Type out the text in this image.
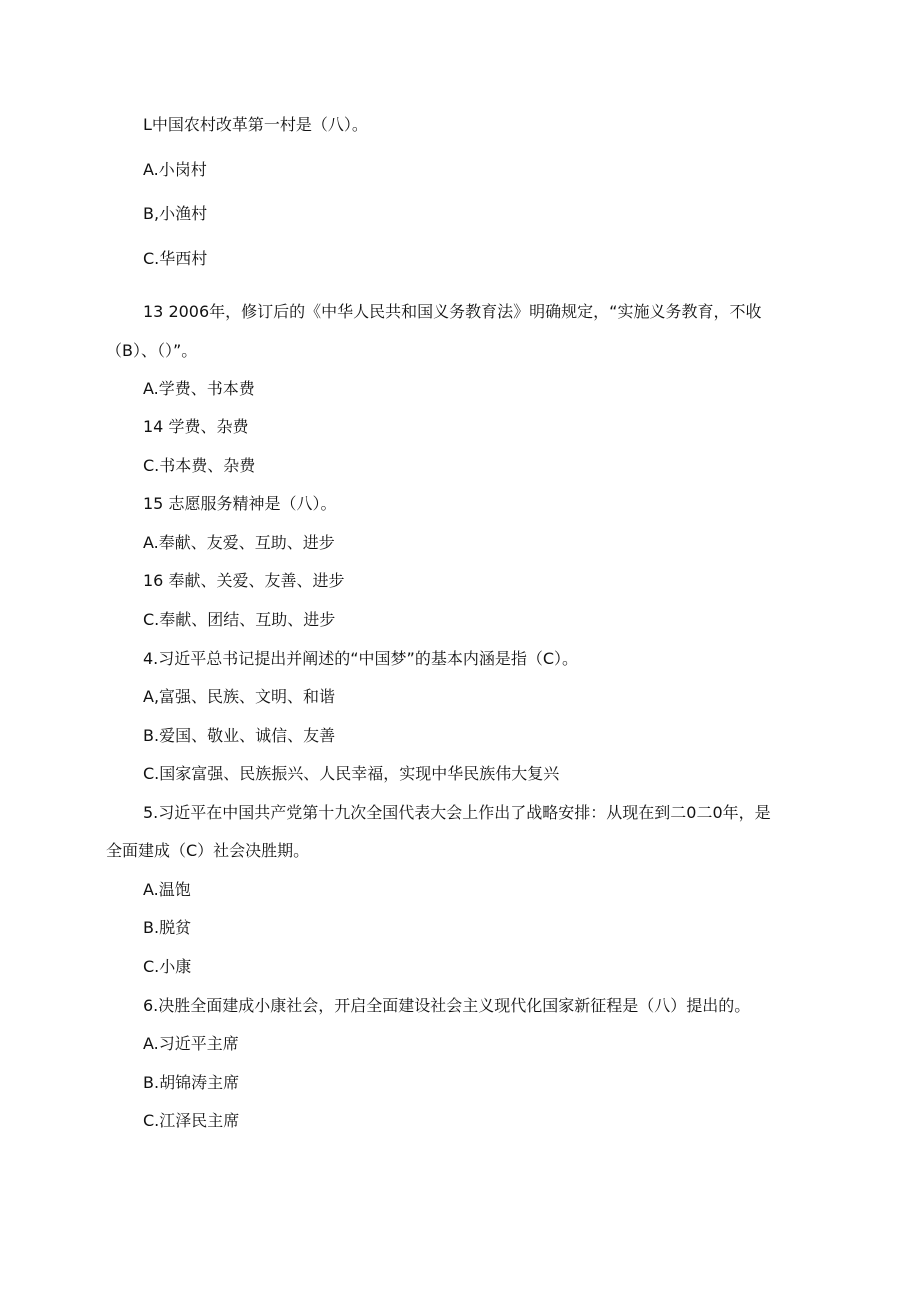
L中国农村改革第一村是（八）。
A.小岗村
B,小渔村
C.华西村
13 2006年，修订后的《中华人民共和国义务教育法》明确规定，“实施义务教育，不收
（B）、（）”。
A.学费、书本费
14 学费、杂费
C.书本费、杂费
15 志愿服务精神是（八）。
A.奉献、友爱、互助、进步
16 奉献、关爱、友善、进步
C.奉献、团结、互助、进步
4.习近平总书记提出并阐述的“中国梦”的基本内涵是指（C）。
A,富强、民族、文明、和谐
B.爱国、敬业、诚信、友善
C.国家富强、民族振兴、人民幸福，实现中华民族伟大复兴
5.习近平在中国共产党第十九次全国代表大会上作出了战略安排：从现在到二0二0年，是
全面建成（C）社会决胜期。
A.温饱
B.脱贫
C.小康
6.决胜全面建成小康社会，开启全面建设社会主义现代化国家新征程是（八）提出的。
A.习近平主席
B.胡锦涛主席
C.江泽民主席
